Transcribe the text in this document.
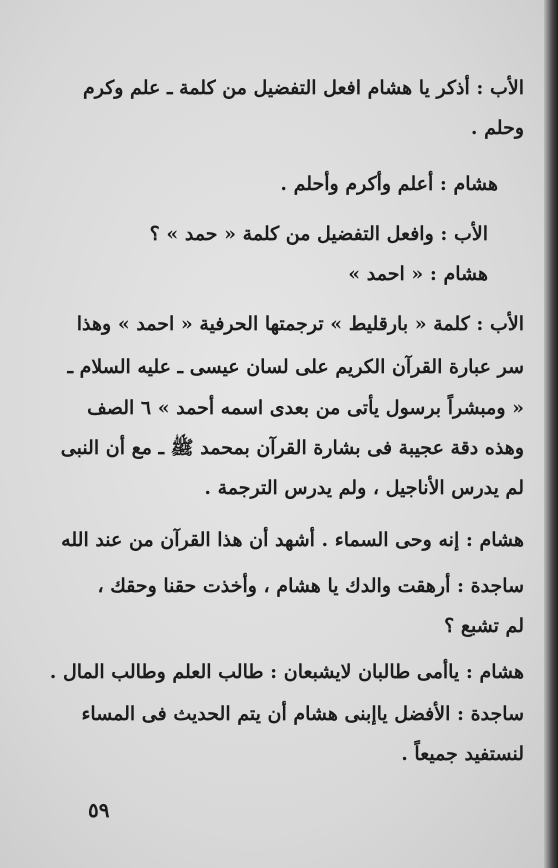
الأب : أذكر يا هشام افعل التفضيل من كلمة ـ علم وكرم
وحلم .
هشام : أعلم وأكرم وأحلم .
الأب : وافعل التفضيل من كلمة « حمد » ؟
هشام : « احمد »
الأب : كلمة « بارقليط » ترجمتها الحرفية « احمد » وهذا
سر عبارة القرآن الكريم على لسان عيسى ـ عليه السلام ـ
« ومبشراً برسول يأتى من بعدى اسمه أحمد » ٦ الصف
وهذه دقة عجيبة فى بشارة القرآن بمحمد ﷺ ـ مع أن النبى
لم يدرس الأناجيل ، ولم يدرس الترجمة .
هشام : إنه وحى السماء . أشهد أن هذا القرآن من عند الله
ساجدة : أرهقت والدك يا هشام ، وأخذت حقنا وحقك ،
لم تشبع ؟
هشام : ياأمى طالبان لايشبعان : طالب العلم وطالب المال .
ساجدة : الأفضل ياإبنى هشام أن يتم الحديث فى المساء
لنستفيد جميعاً .
٥٩
